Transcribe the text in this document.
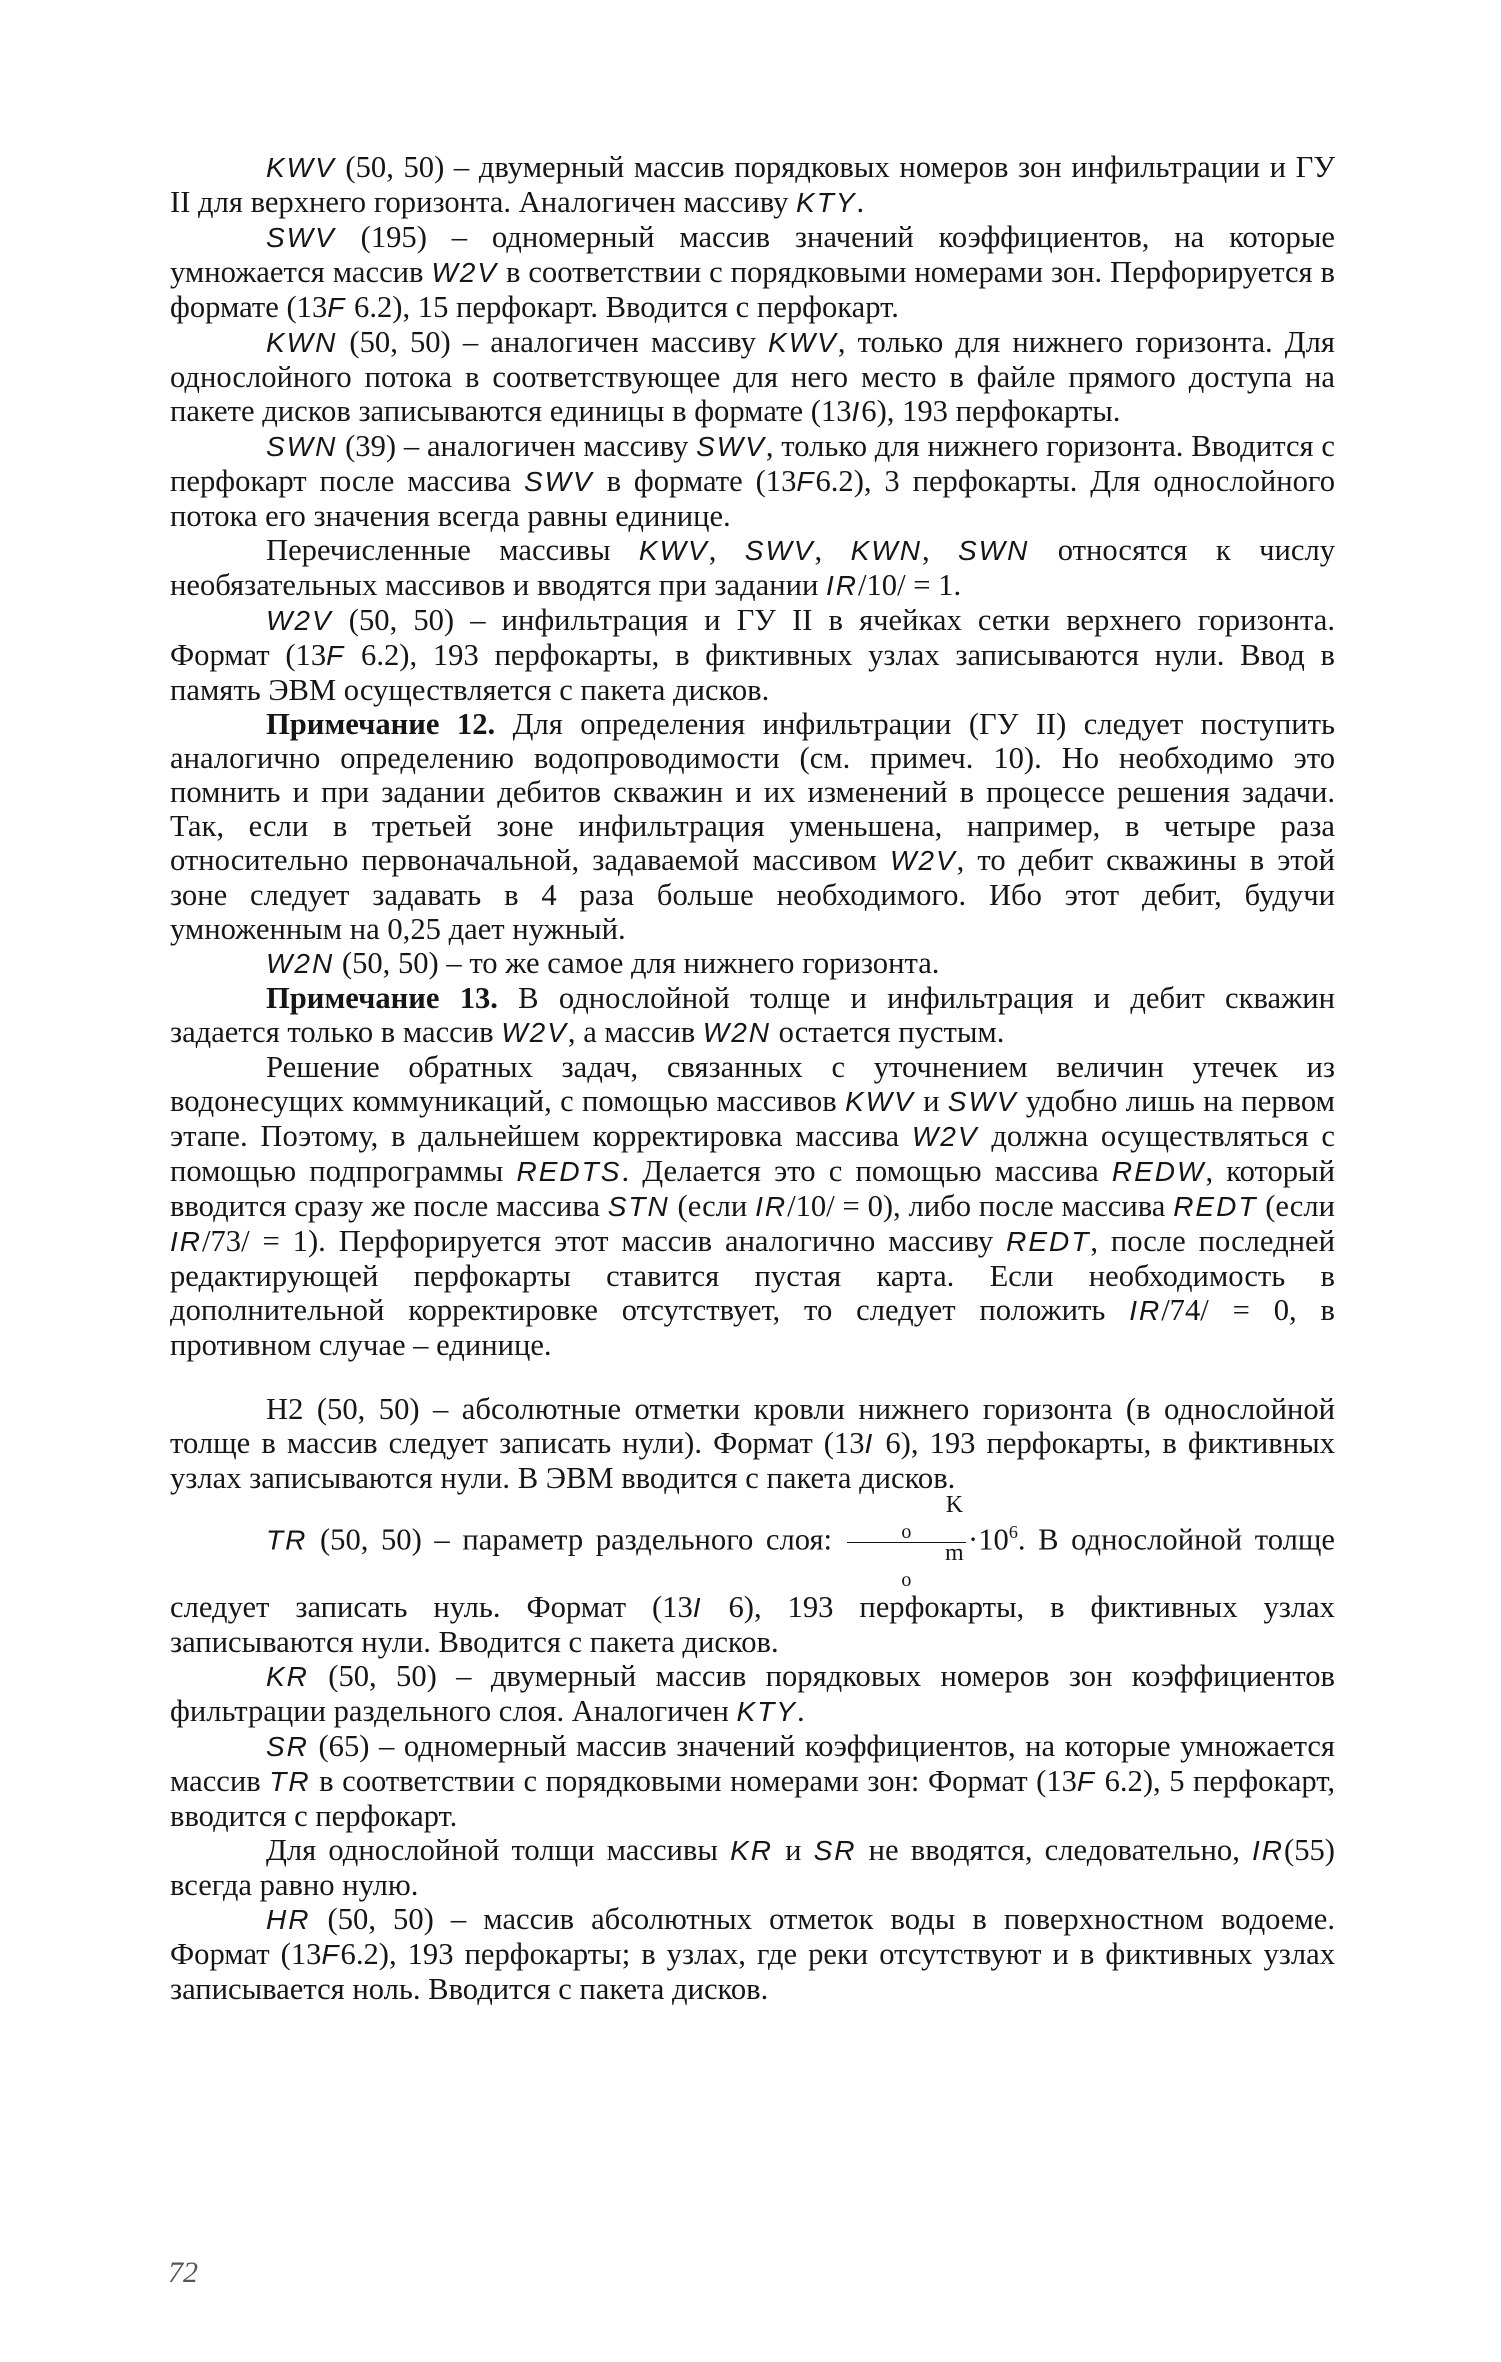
KWV (50, 50) – двумерный массив порядковых номеров зон инфильтрации и ГУ II для верхнего горизонта. Аналогичен массиву KTY.

SWV (195) – одномерный массив значений коэффициентов, на которые умножается массив W2V в соответствии с порядковыми номерами зон. Перфорируется в формате (13F 6.2), 15 перфокарт. Вводится с перфокарт.

KWN (50, 50) – аналогичен массиву KWV, только для нижнего горизонта. Для однослойного потока в соответствующее для него место в файле прямого доступа на пакете дисков записываются единицы в формате (13I6), 193 перфокарты.

SWN (39) – аналогичен массиву SWV, только для нижнего горизонта. Вводится с перфокарт после массива SWV в формате (13F6.2), 3 перфокарты. Для однослойного потока его значения всегда равны единице.

Перечисленные массивы KWV, SWV, KWN, SWN относятся к числу необязательных массивов и вводятся при задании IR/10/ = 1.

W2V (50, 50) – инфильтрация и ГУ II в ячейках сетки верхнего горизонта. Формат (13F 6.2), 193 перфокарты, в фиктивных узлах записываются нули. Ввод в память ЭВМ осуществляется с пакета дисков.

Примечание 12. Для определения инфильтрации (ГУ II) следует поступить аналогично определению водопроводимости (см. примеч. 10). Но необходимо это помнить и при задании дебитов скважин и их изменений в процессе решения задачи. Так, если в третьей зоне инфильтрация уменьшена, например, в четыре раза относительно первоначальной, задаваемой массивом W2V, то дебит скважины в этой зоне следует задавать в 4 раза больше необходимого. Ибо этот дебит, будучи умноженным на 0,25 дает нужный.

W2N (50, 50) – то же самое для нижнего горизонта.

Примечание 13. В однослойной толще и инфильтрация и дебит скважин задается только в массив W2V, а массив W2N остается пустым.

Решение обратных задач, связанных с уточнением величин утечек из водонесущих коммуникаций, с помощью массивов KWV и SWV удобно лишь на первом этапе. Поэтому, в дальнейшем корректировка массива W2V должна осуществляться с помощью подпрограммы REDTS. Делается это с помощью массива REDW, который вводится сразу же после массива STN (если IR/10/ = 0), либо после массива REDT (если IR/73/ = 1). Перфорируется этот массив аналогично массиву REDT, после последней редактирующей перфокарты ставится пустая карта. Если необходимость в дополнительной корректировке отсутствует, то следует положить IR/74/ = 0, в противном случае – единице.

H2 (50, 50) – абсолютные отметки кровли нижнего горизонта (в однослойной толще в массив следует записать нули). Формат (13I 6), 193 перфокарты, в фиктивных узлах записываются нули. В ЭВМ вводится с пакета дисков.

TR (50, 50) – параметр раздельного слоя: K
$_o$
m
$_o \cdot 10^6$. В однослойной толще следует записать нуль. Формат (13I 6), 193 перфокарты, в фиктивных узлах записываются нули. Вводится с пакета дисков.

KR (50, 50) – двумерный массив порядковых номеров зон коэффициентов фильтрации раздельного слоя. Аналогичен KTY.

SR (65) – одномерный массив значений коэффициентов, на которые умножается массив TR в соответствии с порядковыми номерами зон: Формат (13F 6.2), 5 перфокарт, вводится с перфокарт.

Для однослойной толщи массивы KR и SR не вводятся, следовательно, IR(55) всегда равно нулю.

HR (50, 50) – массив абсолютных отметок воды в поверхностном водоеме. Формат (13F6.2), 193 перфокарты; в узлах, где реки отсутствуют и в фиктивных узлах записывается ноль. Вводится с пакета дисков.

72
